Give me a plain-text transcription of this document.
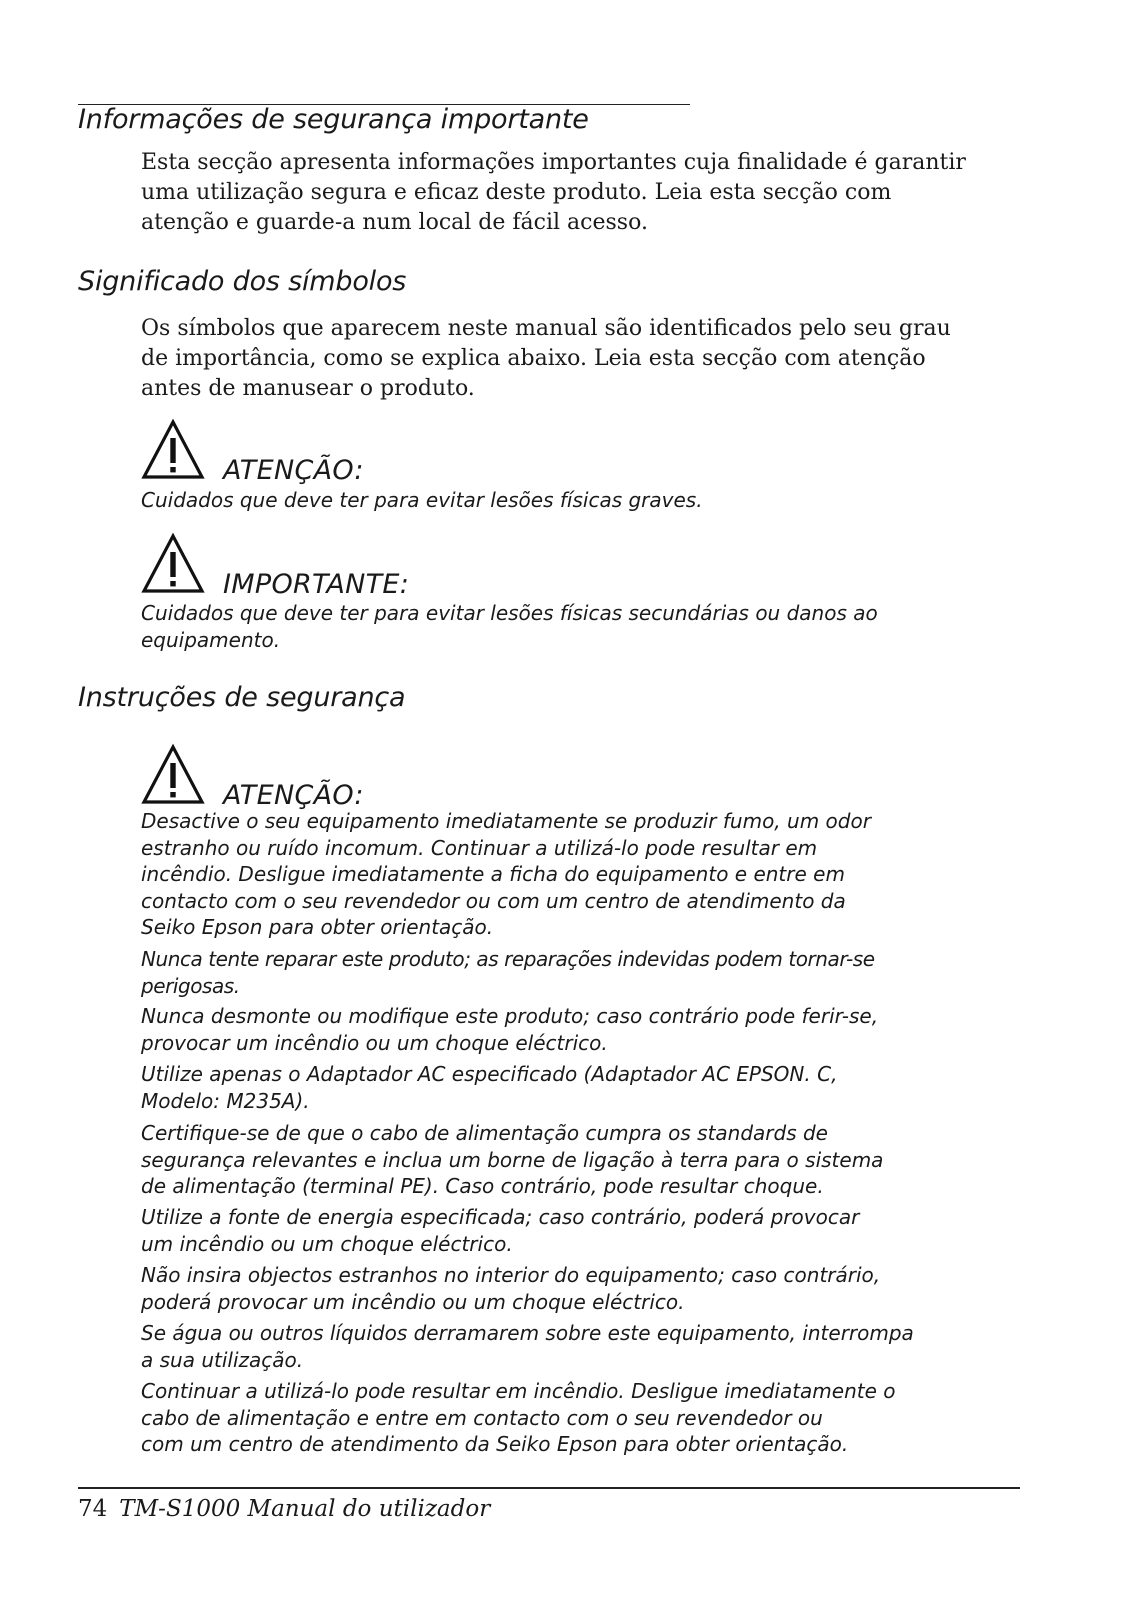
Informações de segurança importante

Esta secção apresenta informações importantes cuja finalidade é garantir
uma utilização segura e eficaz deste produto. Leia esta secção com
atenção e guarde-a num local de fácil acesso.

Significado dos símbolos

Os símbolos que aparecem neste manual são identificados pelo seu grau
de importância, como se explica abaixo. Leia esta secção com atenção
antes de manusear o produto.

ATENÇÃO:

Cuidados que deve ter para evitar lesões físicas graves.

IMPORTANTE:

Cuidados que deve ter para evitar lesões físicas secundárias ou danos ao
equipamento.

Instruções de segurança
ATENÇÃO:

Desactive o seu equipamento imediatamente se produzir fumo, um odor
estranho ou ruído incomum. Continuar a utilizá-lo pode resultar em
incêndio. Desligue imediatamente a ficha do equipamento e entre em
contacto com o seu revendedor ou com um centro de atendimento da
Seiko Epson para obter orientação.

Nunca tente reparar este produto; as reparações indevidas podem tornar-se
perigosas.

Nunca desmonte ou modifique este produto; caso contrário pode ferir-se,
provocar um incêndio ou um choque eléctrico.

Utilize apenas o Adaptador AC especificado (Adaptador AC EPSON. C,
Modelo: M235A).

Certifique-se de que o cabo de alimentação cumpra os standards de
segurança relevantes e inclua um borne de ligação à terra para o sistema
de alimentação (terminal PE). Caso contrário, pode resultar choque.

Utilize a fonte de energia especificada; caso contrário, poderá provocar
um incêndio ou um choque eléctrico.

Não insira objectos estranhos no interior do equipamento; caso contrário,
poderá provocar um incêndio ou um choque eléctrico.

Se água ou outros líquidos derramarem sobre este equipamento, interrompa
a sua utilização.

Continuar a utilizá-lo pode resultar em incêndio. Desligue imediatamente o
cabo de alimentação e entre em contacto com o seu revendedor ou
com um centro de atendimento da Seiko Epson para obter orientação.

74 TM-S1000 Manual do utilizador
